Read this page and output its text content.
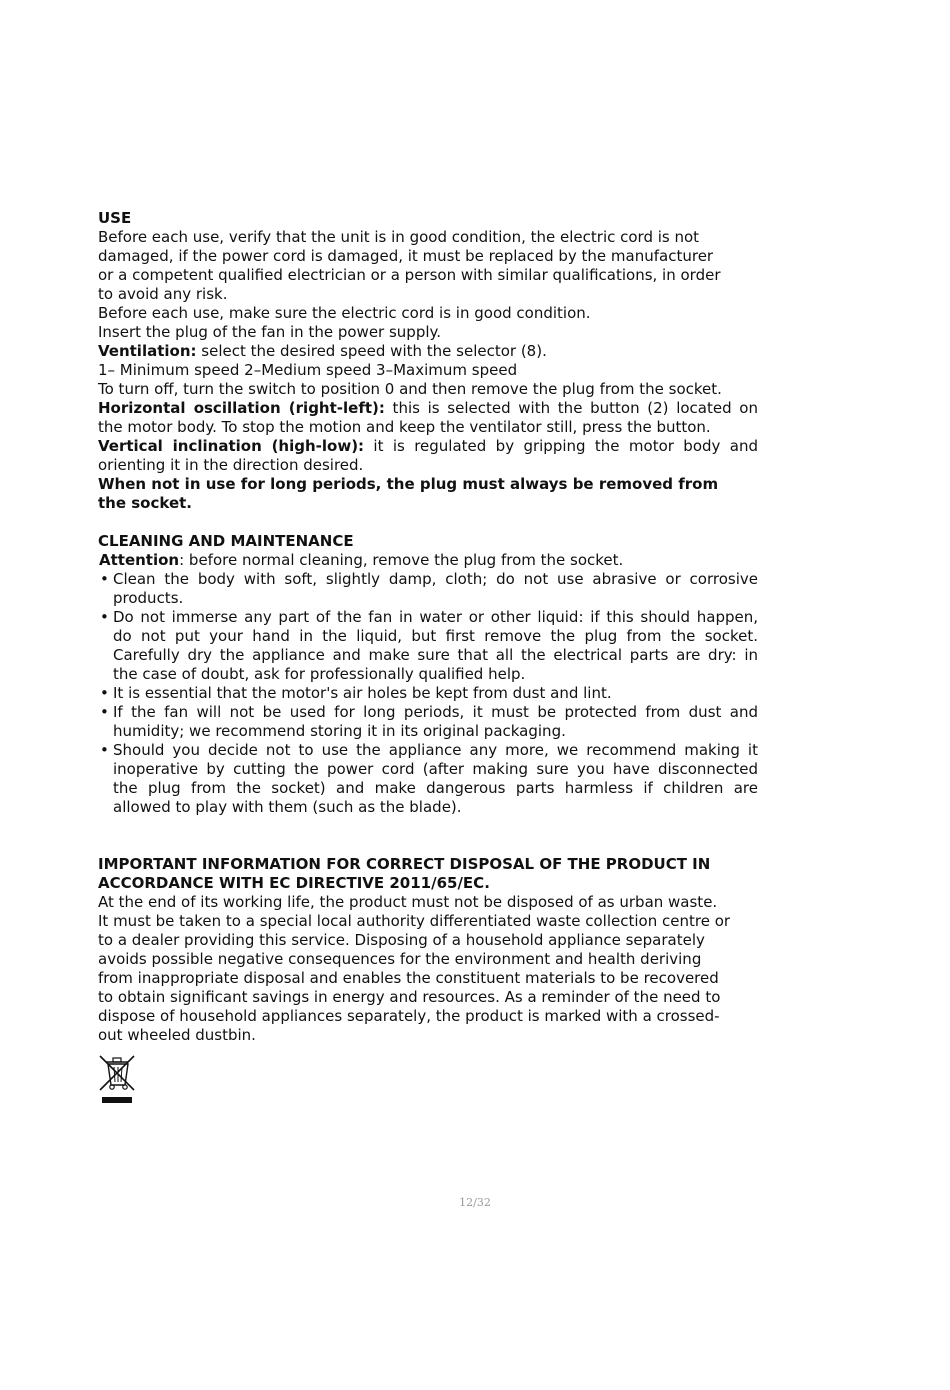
USE
Before each use, verify that the unit is in good condition, the electric cord is not
damaged, if the power cord is damaged, it must be replaced by the manufacturer
or a competent qualified electrician or a person with similar qualifications, in order
to avoid any risk.
Before each use, make sure the electric cord is in good condition.
Insert the plug of the fan in the power supply.
Ventilation: select the desired speed with the selector (8).
1– Minimum speed 2–Medium speed 3–Maximum speed
To turn off, turn the switch to position 0 and then remove the plug from the socket.
Horizontal oscillation (right-left): this is selected with the button (2) located on
the motor body. To stop the motion and keep the ventilator still, press the button.
Vertical inclination (high-low): it is regulated by gripping the motor body and
orienting it in the direction desired.
When not in use for long periods, the plug must always be removed from
the socket.
CLEANING AND MAINTENANCE
Attention: before normal cleaning, remove the plug from the socket.
• Clean the body with soft, slightly damp, cloth; do not use abrasive or corrosive
products.
• Do not immerse any part of the fan in water or other liquid: if this should happen,
do not put your hand in the liquid, but first remove the plug from the socket.
Carefully dry the appliance and make sure that all the electrical parts are dry: in
the case of doubt, ask for professionally qualified help.
• It is essential that the motor's air holes be kept from dust and lint.
• If the fan will not be used for long periods, it must be protected from dust and
humidity; we recommend storing it in its original packaging.
• Should you decide not to use the appliance any more, we recommend making it
inoperative by cutting the power cord (after making sure you have disconnected
the plug from the socket) and make dangerous parts harmless if children are
allowed to play with them (such as the blade).
IMPORTANT INFORMATION FOR CORRECT DISPOSAL OF THE PRODUCT IN
ACCORDANCE WITH EC DIRECTIVE 2011/65/EC.
At the end of its working life, the product must not be disposed of as urban waste.
It must be taken to a special local authority differentiated waste collection centre or
to a dealer providing this service. Disposing of a household appliance separately
avoids possible negative consequences for the environment and health deriving
from inappropriate disposal and enables the constituent materials to be recovered
to obtain significant savings in energy and resources. As a reminder of the need to
dispose of household appliances separately, the product is marked with a crossed-
out wheeled dustbin.
12/32
